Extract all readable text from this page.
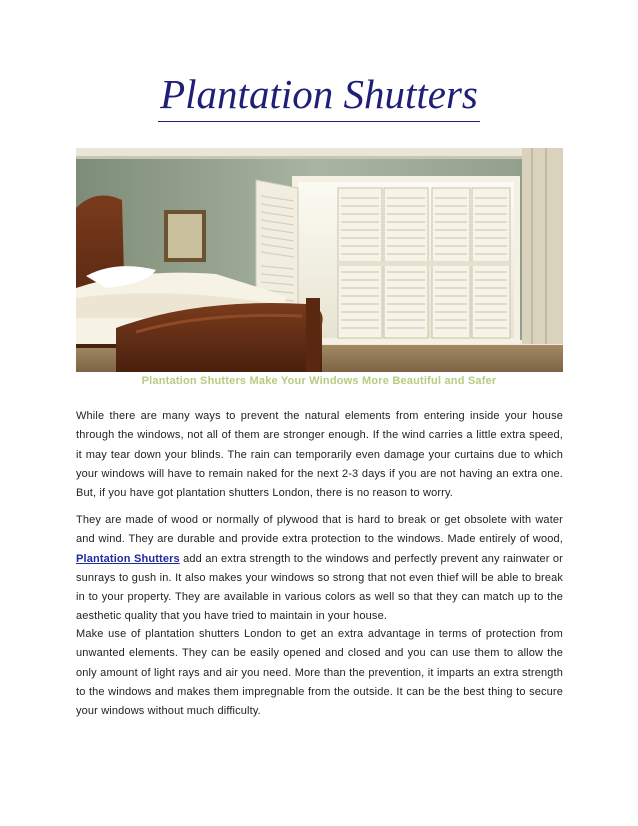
Plantation Shutters
Plantation Shutters Make Your Windows More Beautiful and Safer

While there are many ways to prevent the natural elements from entering inside your house through the windows, not all of them are stronger enough. If the wind carries a little extra speed, it may tear down your blinds. The rain can temporarily even damage your curtains due to which your windows will have to remain naked for the next 2-3 days if you are not having an extra one. But, if you have got plantation shutters London, there is no reason to worry.

They are made of wood or normally of plywood that is hard to break or get obsolete with water and wind. They are durable and provide extra protection to the windows. Made entirely of wood, Plantation Shutters add an extra strength to the windows and perfectly prevent any rainwater or sunrays to gush in. It also makes your windows so strong that not even thief will be able to break in to your property. They are available in various colors as well so that they can match up to the aesthetic quality that you have tried to maintain in your house.

Make use of plantation shutters London to get an extra advantage in terms of protection from unwanted elements. They can be easily opened and closed and you can use them to allow the only amount of light rays and air you need. More than the prevention, it imparts an extra strength to the windows and makes them impregnable from the outside. It can be the best thing to secure your windows without much difficulty.
